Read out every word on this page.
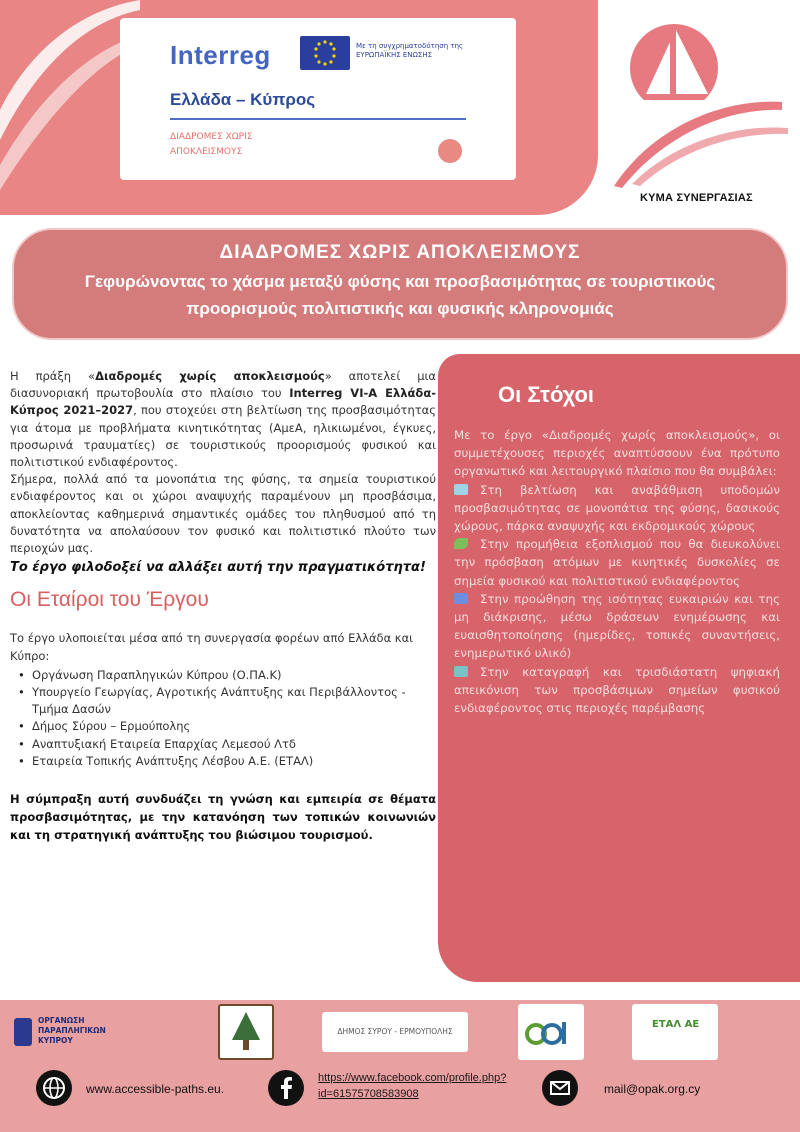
Interreg	Με τη συγχρηματοδότηση της ΕΥΡΩΠΑΪΚΗΣ ΕΝΩΣΗΣ
Ελλάδα – Κύπρος
ΔΙΑΔΡΟΜΕΣ ΧΩΡΙΣ
ΑΠΟΚΛΕΙΣΜΟΥΣ
ΚΥΜΑ ΣΥΝΕΡΓΑΣΙΑΣ
ΔΙΑΔΡΟΜΕΣ ΧΩΡΙΣ ΑΠΟΚΛΕΙΣΜΟΥΣ
Γεφυρώνοντας το χάσμα μεταξύ φύσης και προσβασιμότητας σε τουριστικούς προορισμούς πολιτιστικής και φυσικής κληρονομιάς

Η πράξη «Διαδρομές χωρίς αποκλεισμούς» αποτελεί μια διασυνοριακή πρωτοβουλία στο πλαίσιο του Interreg VI-A Ελλάδα-Κύπρος 2021–2027, που στοχεύει στη βελτίωση της προσβασιμότητας για άτομα με προβλήματα κινητικότητας (ΑμεΑ, ηλικιωμένοι, έγκυες, προσωρινά τραυματίες) σε τουριστικούς προορισμούς φυσικού και πολιτιστικού ενδιαφέροντος.

Σήμερα, πολλά από τα μονοπάτια της φύσης, τα σημεία τουριστικού ενδιαφέροντος και οι χώροι αναψυχής παραμένουν μη προσβάσιμα, αποκλείοντας καθημερινά σημαντικές ομάδες του πληθυσμού από τη δυνατότητα να απολαύσουν τον φυσικό και πολιτιστικό πλούτο των περιοχών μας.

Το έργο φιλοδοξεί να αλλάξει αυτή την πραγματικότητα!

Οι Εταίροι του Έργου

Το έργο υλοποιείται μέσα από τη συνεργασία φορέων από Ελλάδα και Κύπρο:

• Οργάνωση Παραπληγικών Κύπρου (Ο.ΠΑ.Κ)
• Υπουργείο Γεωργίας, Αγροτικής Ανάπτυξης και Περιβάλλοντος - Τμήμα Δασών
• Δήμος Σύρου – Ερμούπολης
• Αναπτυξιακή Εταιρεία Επαρχίας Λεμεσού Λτδ
• Εταιρεία Τοπικής Ανάπτυξης Λέσβου Α.Ε. (ΕΤΑΛ)

Η σύμπραξη αυτή συνδυάζει τη γνώση και εμπειρία σε θέματα προσβασιμότητας, με την κατανόηση των τοπικών κοινωνιών και τη στρατηγική ανάπτυξης του βιώσιμου τουρισμού.

Οι Στόχοι

Με το έργο «Διαδρομές χωρίς αποκλεισμούς», οι συμμετέχουσες περιοχές αναπτύσσουν ένα πρότυπο οργανωτικό και λειτουργικό πλαίσιο που θα συμβάλει:

Στη βελτίωση και αναβάθμιση υποδομών προσβασιμότητας σε μονοπάτια της φύσης, δασικούς χώρους, πάρκα αναψυχής και εκδρομικούς χώρους

Στην προμήθεια εξοπλισμού που θα διευκολύνει την πρόσβαση ατόμων με κινητικές δυσκολίες σε σημεία φυσικού και πολιτιστικού ενδιαφέροντος

Στην προώθηση της ισότητας ευκαιριών και της μη διάκρισης, μέσω δράσεων ενημέρωσης και ευαισθητοποίησης (ημερίδες, τοπικές συναντήσεις, ενημερωτικό υλικό)

Στην καταγραφή και τρισδιάστατη ψηφιακή απεικόνιση των προσβάσιμων σημείων φυσικού ενδιαφέροντος στις περιοχές παρέμβασης

ΟΡΓΑΝΩΣΗ
ΠΑΡΑΠΛΗΓΙΚΩΝ
ΚΥΠΡΟΥ
ΔΗΜΟΣ ΣΥΡΟΥ - ΕΡΜΟΥΠΟΛΗΣ
ΕΤΑΛ ΑΕ
www.accessible-paths.eu.
https://www.facebook.com/profile.php?id=61575708583908	mail@opak.org.cy
